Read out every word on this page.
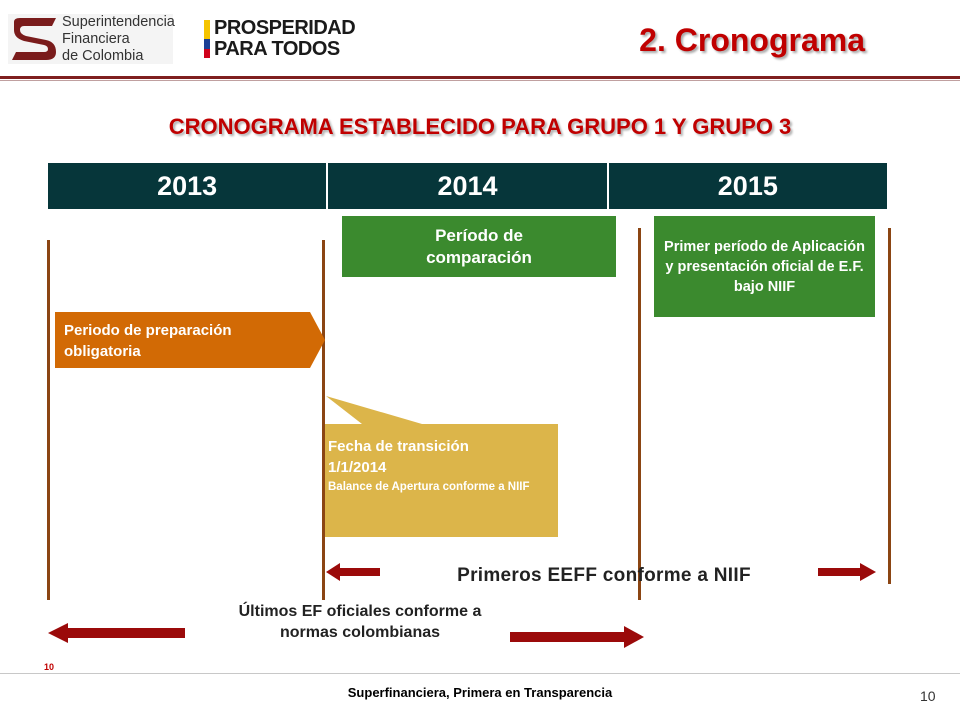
Superintendencia
Financiera
de Colombia
PROSPERIDAD
PARA TODOS	2. Cronograma
CRONOGRAMA ESTABLECIDO PARA GRUPO 1 Y GRUPO 3
2013	2014	2015
Período de comparación
Primer período de Aplicación y presentación oficial de E.F. bajo NIIF
Periodo de preparación obligatoria
Fecha de transición
1/1/2014
Balance de Apertura conforme a NIIF
Primeros EEFF conforme a NIIF
Últimos EF oficiales conforme a
normas colombianas
10
Superfinanciera, Primera en Transparencia	10
